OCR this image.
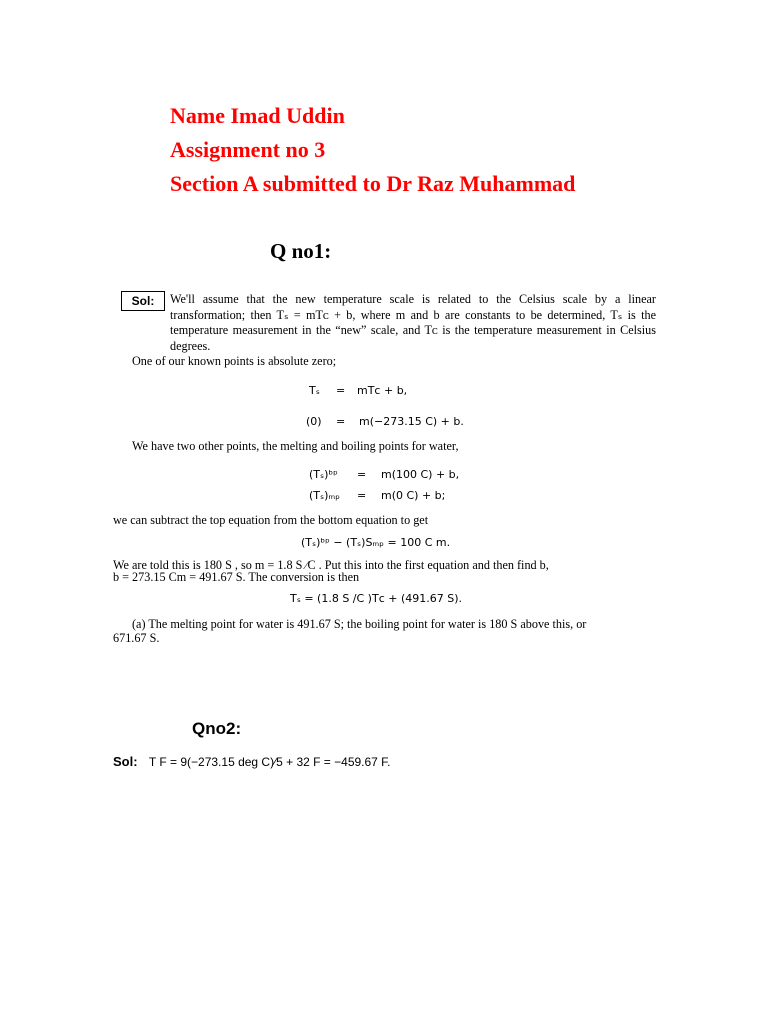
Name Imad Uddin
Assignment no 3
Section A submitted to Dr Raz Muhammad
Q no1:
Sol:	We'll assume that the new temperature scale is related to the Celsius scale by a linear transformation; then Tₛ = mTᴄ + b, where m and b are constants to be determined, Tₛ is the temperature measurement in the “new” scale, and Tᴄ is the temperature measurement in Celsius degrees.
One of our known points is absolute zero;
Tₛ = mTᴄ + b,
(0) = m(−273.15 C) + b.
We have two other points, the melting and boiling points for water,
(Tₛ)ᵇᵖ = m(100 C) + b,
(Tₛ)ₘₚ = m(0 C) + b;
we can subtract the top equation from the bottom equation to get
(Tₛ)ᵇᵖ − (Tₛ)Sₘₚ = 100 C m.
We are told this is 180 S , so m = 1.8 S ∕C . Put this into the first equation and then find b,
b = 273.15 Cm = 491.67 S. The conversion is then
Tₛ = (1.8 S ∕C )Tᴄ + (491.67 S).
(a) The melting point for water is 491.67 S; the boiling point for water is 180 S above this, or
671.67 S.
Qno2:
Sol: T F = 9(−273.15 deg C)∕5 + 32 F = −459.67 F.
